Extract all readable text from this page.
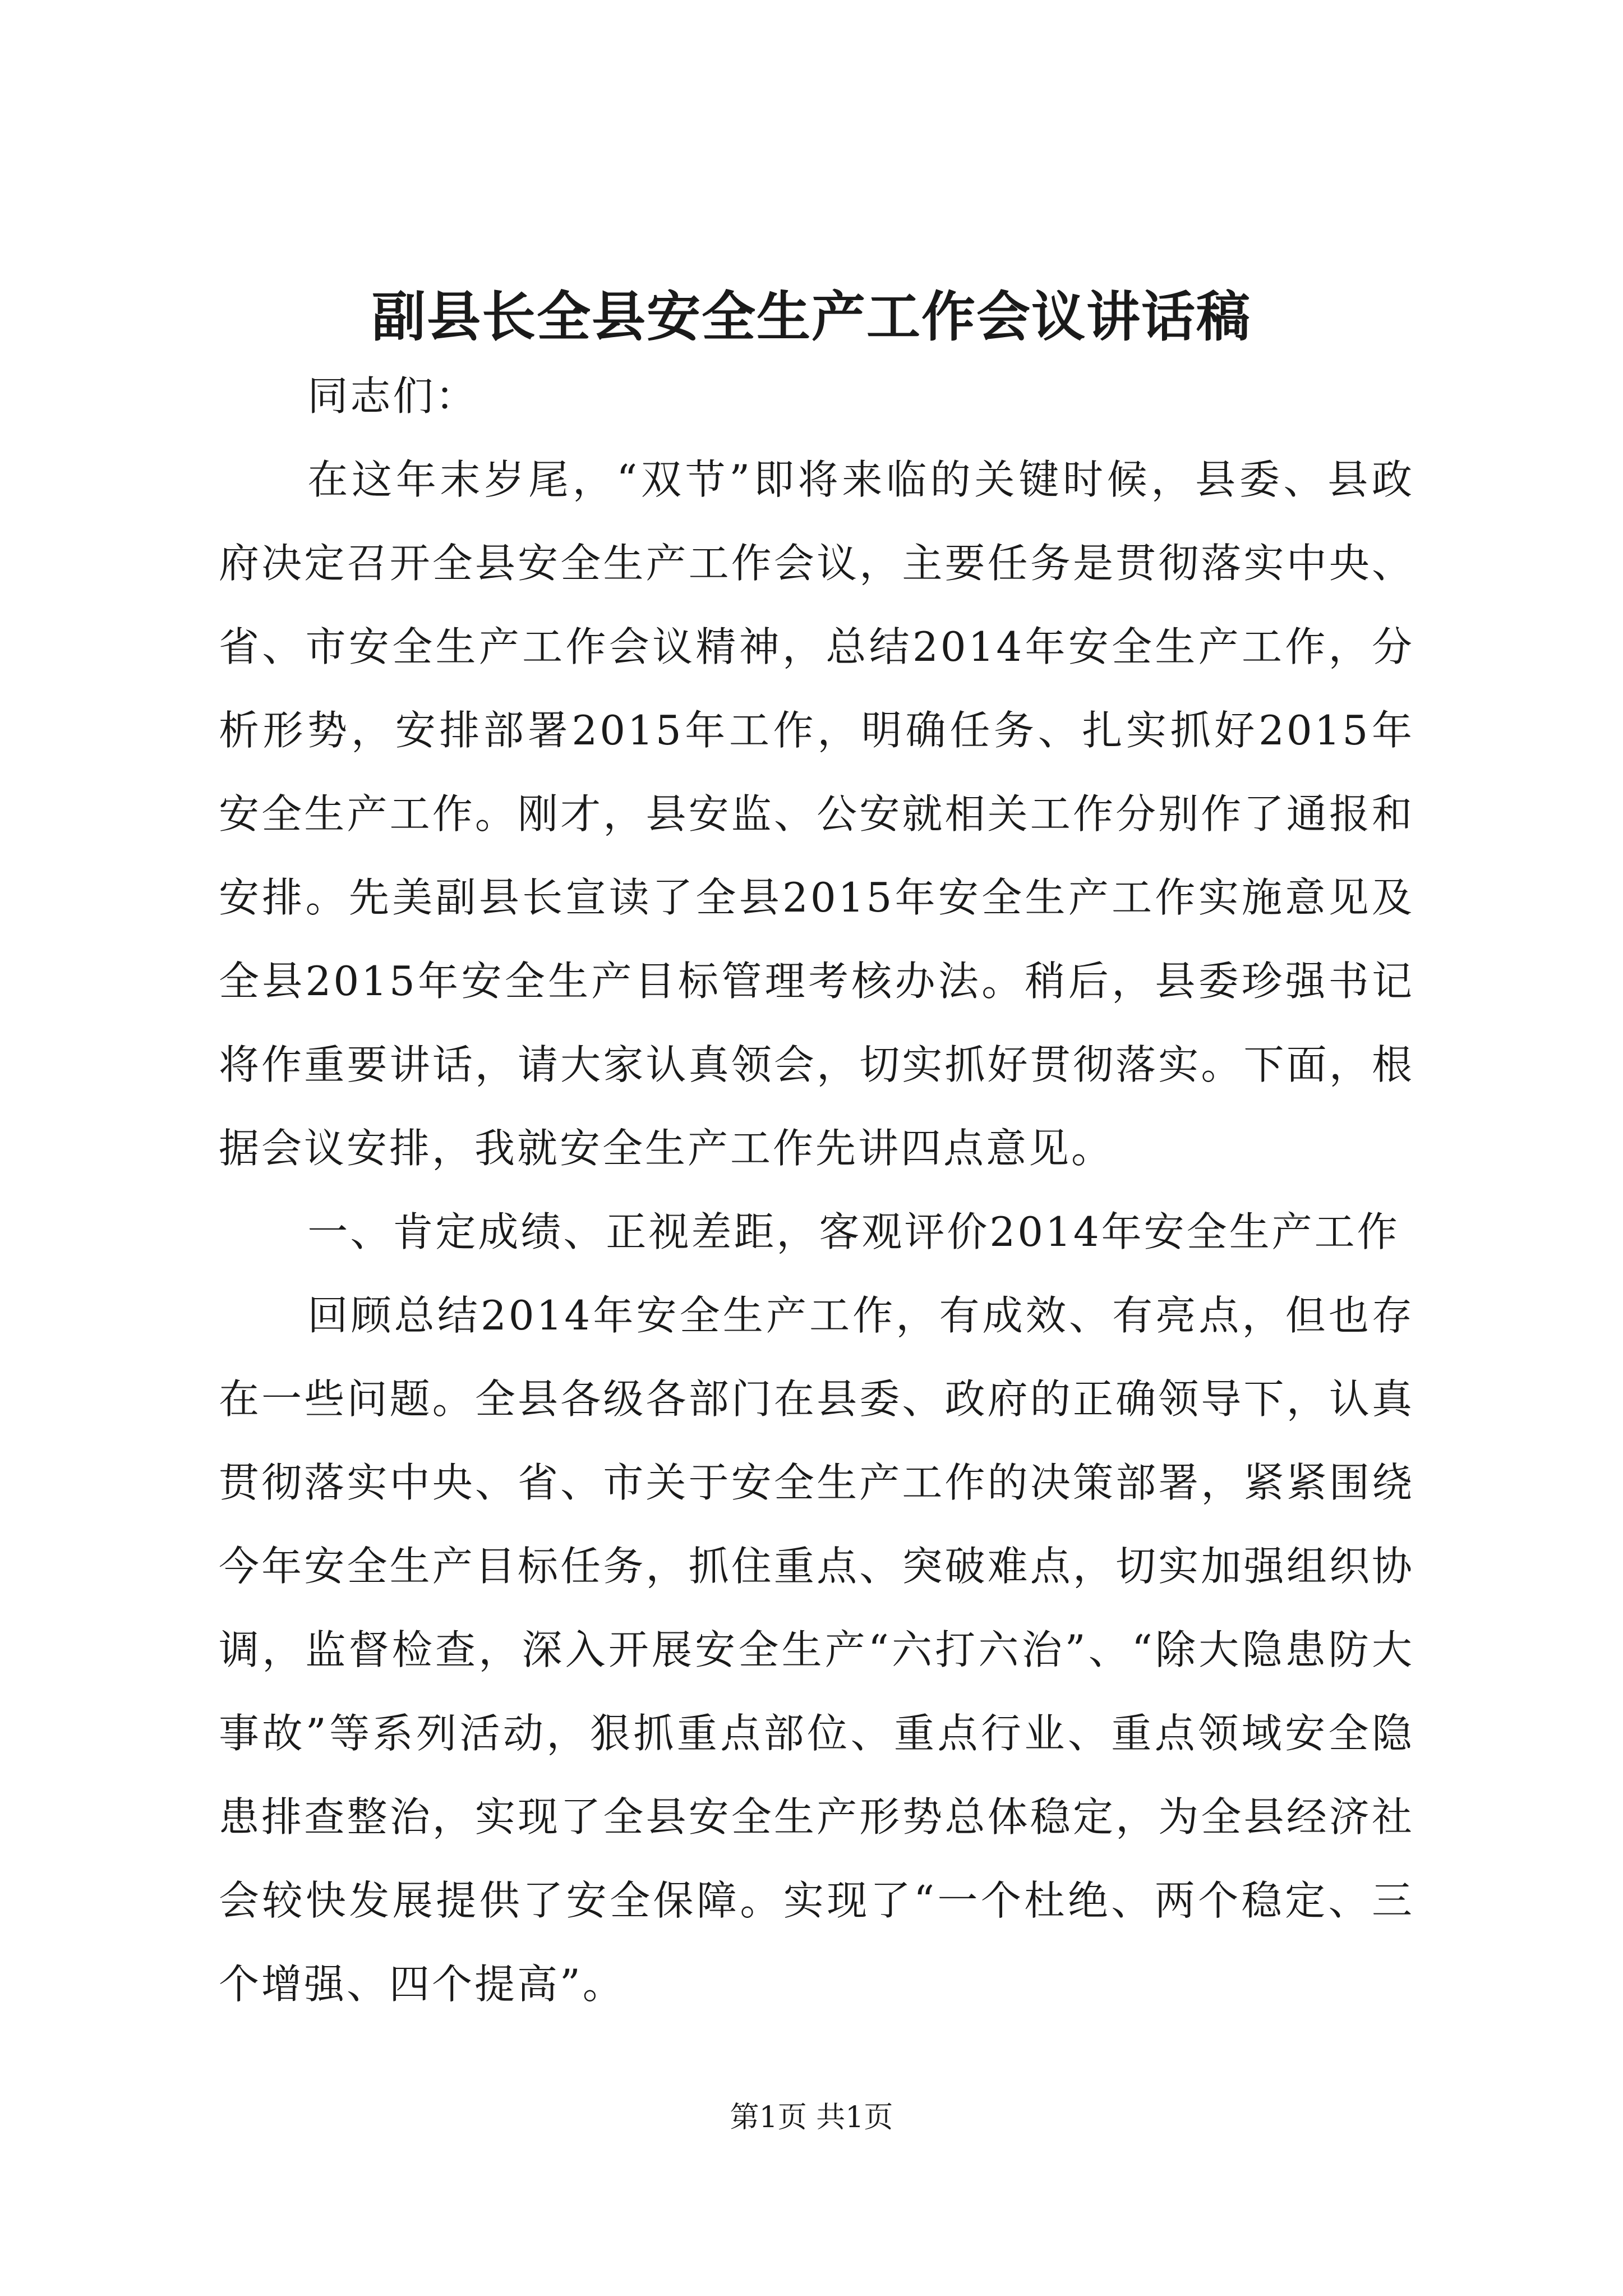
副县长全县安全生产工作会议讲话稿

同志们：

在这年末岁尾，“双节”即将来临的关键时候，县委、县政府决定召开全县安全生产工作会议，主要任务是贯彻落实中央、省、市安全生产工作会议精神，总结2014年安全生产工作，分析形势，安排部署2015年工作，明确任务、扎实抓好2015年安全生产工作。刚才，县安监、公安就相关工作分别作了通报和安排。先美副县长宣读了全县2015年安全生产工作实施意见及全县2015年安全生产目标管理考核办法。稍后，县委珍强书记将作重要讲话，请大家认真领会，切实抓好贯彻落实。下面，根据会议安排，我就安全生产工作先讲四点意见。

一、肯定成绩、正视差距，客观评价2014年安全生产工作

回顾总结2014年安全生产工作，有成效、有亮点，但也存在一些问题。全县各级各部门在县委、政府的正确领导下，认真贯彻落实中央、省、市关于安全生产工作的决策部署，紧紧围绕今年安全生产目标任务，抓住重点、突破难点，切实加强组织协调，监督检查，深入开展安全生产“六打六治”、“除大隐患防大事故”等系列活动，狠抓重点部位、重点行业、重点领域安全隐患排查整治，实现了全县安全生产形势总体稳定，为全县经济社会较快发展提供了安全保障。实现了“一个杜绝、两个稳定、三个增强、四个提高”。

第1页 共1页
